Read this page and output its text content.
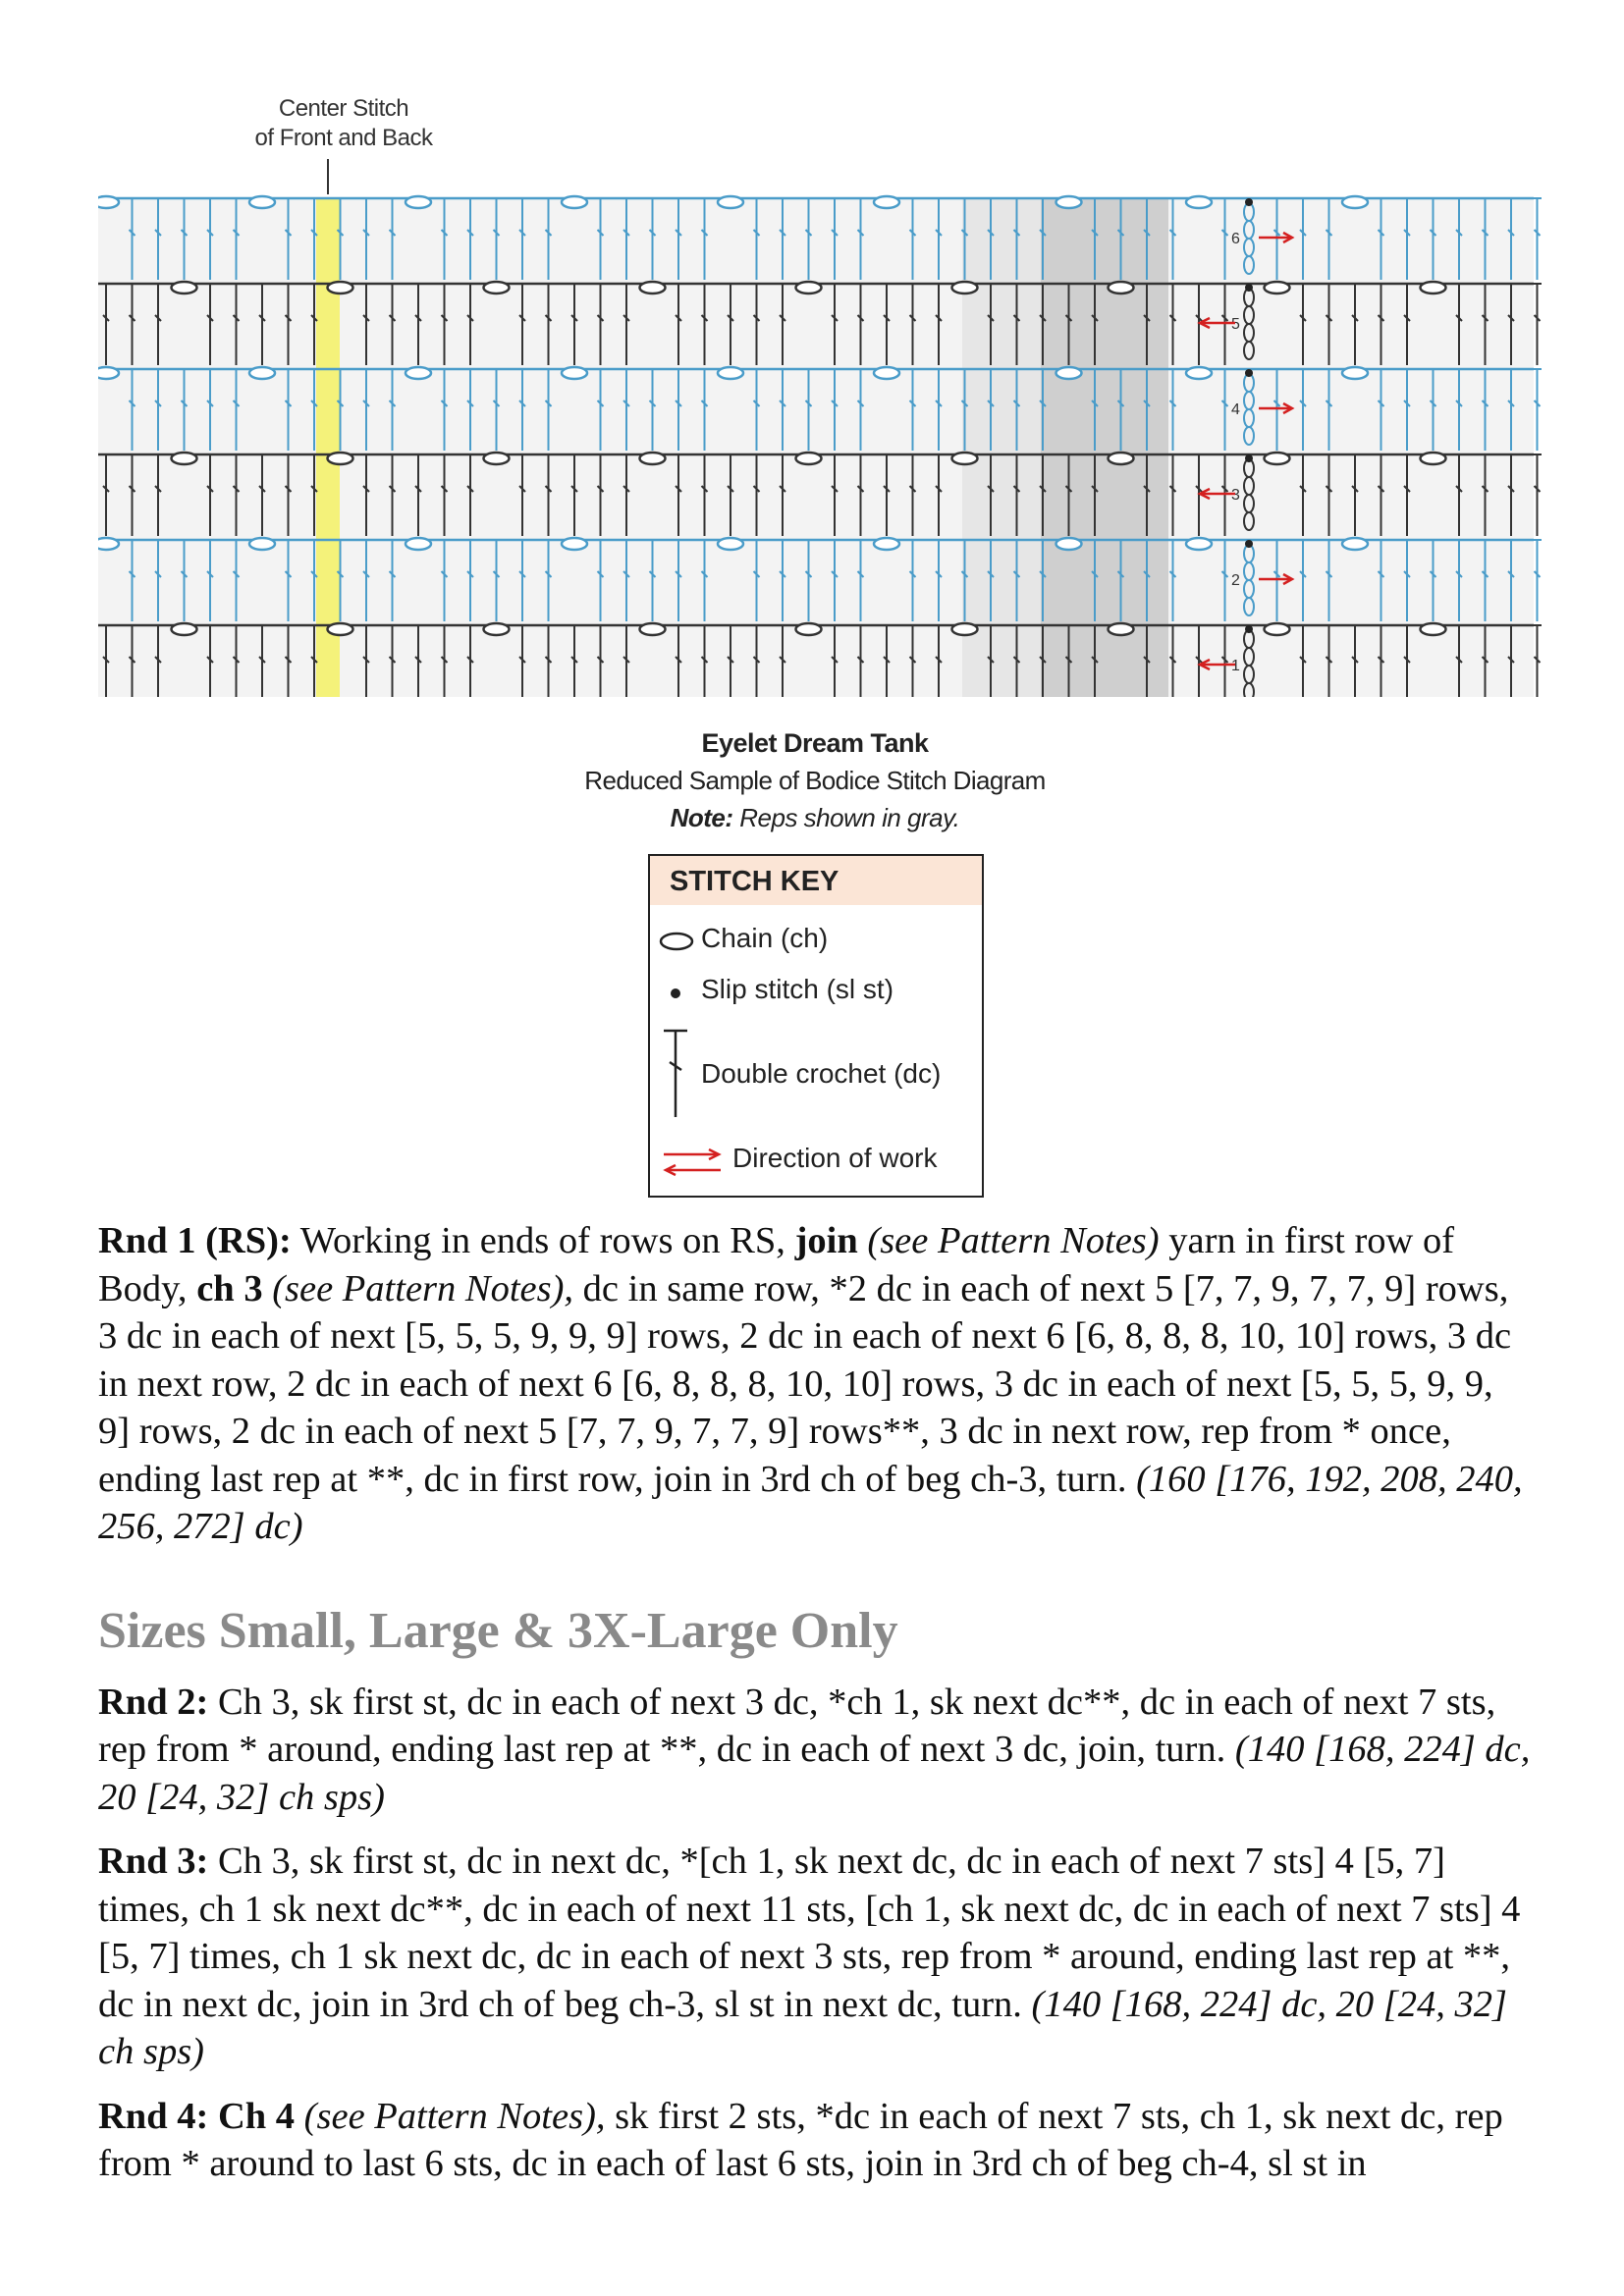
Center Stitch
of Front and Back
6
5
4
3
2
1
Eyelet Dream Tank
Reduced Sample of Bodice Stitch Diagram
Note: Reps shown in gray.
STITCH KEY
Chain (ch)
Slip stitch (sl st)
Double crochet (dc)
Direction of work

Rnd 1 (RS): Working in ends of rows on RS, join (see Pattern Notes) yarn in first row of Body, ch 3 (see Pattern Notes), dc in same row, *2 dc in each of next 5 [7, 7, 9, 7, 7, 9] rows, 3 dc in each of next [5, 5, 5, 9, 9, 9] rows, 2 dc in each of next 6 [6, 8, 8, 8, 10, 10] rows, 3 dc in next row, 2 dc in each of next 6 [6, 8, 8, 8, 10, 10] rows, 3 dc in each of next [5, 5, 5, 9, 9, 9] rows, 2 dc in each of next 5 [7, 7, 9, 7, 7, 9] rows**, 3 dc in next row, rep from * once, ending last rep at **, dc in first row, join in 3rd ch of beg ch-3, turn. (160 [176, 192, 208, 240, 256, 272] dc)

Sizes Small, Large & 3X-Large Only

Rnd 2: Ch 3, sk first st, dc in each of next 3 dc, *ch 1, sk next dc**, dc in each of next 7 sts, rep from * around, ending last rep at **, dc in each of next 3 dc, join, turn. (140 [168, 224] dc, 20 [24, 32] ch sps)

Rnd 3: Ch 3, sk first st, dc in next dc, *[ch 1, sk next dc, dc in each of next 7 sts] 4 [5, 7] times, ch 1 sk next dc**, dc in each of next 11 sts, [ch 1, sk next dc, dc in each of next 7 sts] 4 [5, 7] times, ch 1 sk next dc, dc in each of next 3 sts, rep from * around, ending last rep at **, dc in next dc, join in 3rd ch of beg ch-3, sl st in next dc, turn. (140 [168, 224] dc, 20 [24, 32] ch sps)

Rnd 4: Ch 4 (see Pattern Notes), sk first 2 sts, *dc in each of next 7 sts, ch 1, sk next dc, rep from * around to last 6 sts, dc in each of last 6 sts, join in 3rd ch of beg ch-4, sl st in
